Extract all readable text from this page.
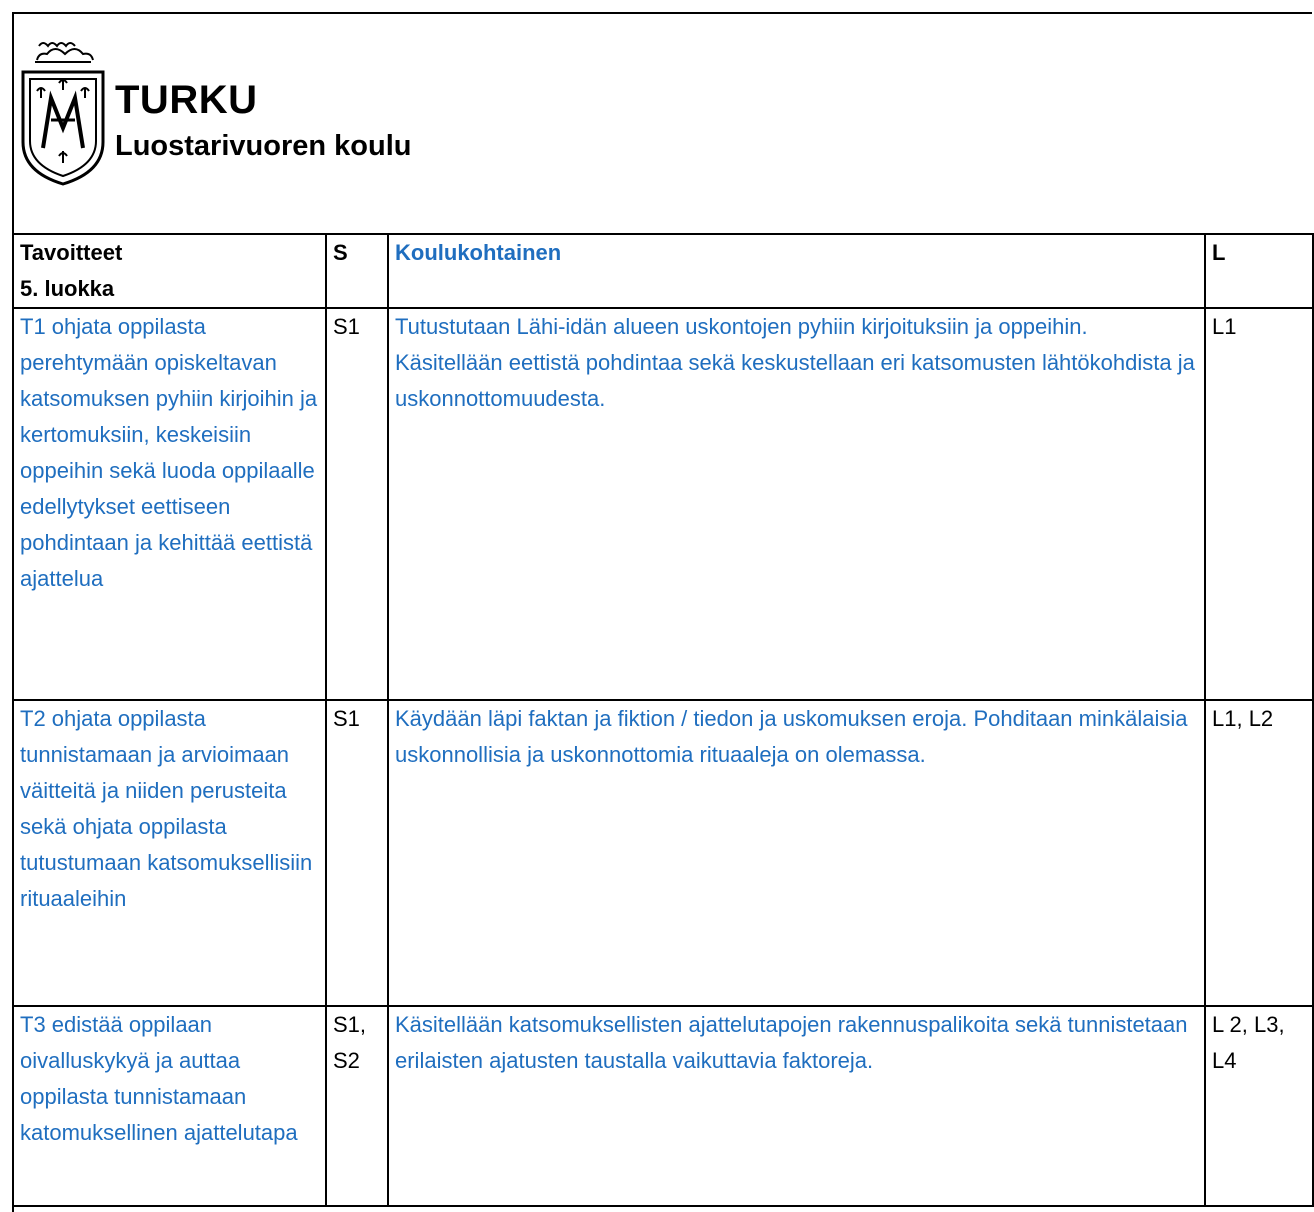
TURKU
Luostarivuoren koulu
Tavoitteet
5. luokka	S	Koulukohtainen	L
T1 ohjata oppilasta perehtymään opiskeltavan katsomuksen pyhiin kirjoihin ja kertomuksiin, keskeisiin oppeihin sekä luoda oppilaalle edellytykset eettiseen pohdintaan ja kehittää eettistä ajattelua	S1	Tutustutaan Lähi-idän alueen uskontojen pyhiin kirjoituksiin ja oppeihin. Käsitellään eettistä pohdintaa sekä keskustellaan eri katsomusten lähtökohdista ja uskonnottomuudesta.	L1
T2 ohjata oppilasta tunnistamaan ja arvioimaan väitteitä ja niiden perusteita sekä ohjata oppilasta tutustumaan katsomuksellisiin rituaaleihin	S1	Käydään läpi faktan ja fiktion / tiedon ja uskomuksen eroja. Pohditaan minkälaisia uskonnollisia ja uskonnottomia rituaaleja on olemassa.	L1, L2
T3 edistää oppilaan oivalluskykyä ja auttaa oppilasta tunnistamaan katomuksellinen ajattelutapa	S1, S2	Käsitellään katsomuksellisten ajattelutapojen rakennuspalikoita sekä tunnistetaan erilaisten ajatusten taustalla vaikuttavia faktoreja.	L 2, L3, L4
